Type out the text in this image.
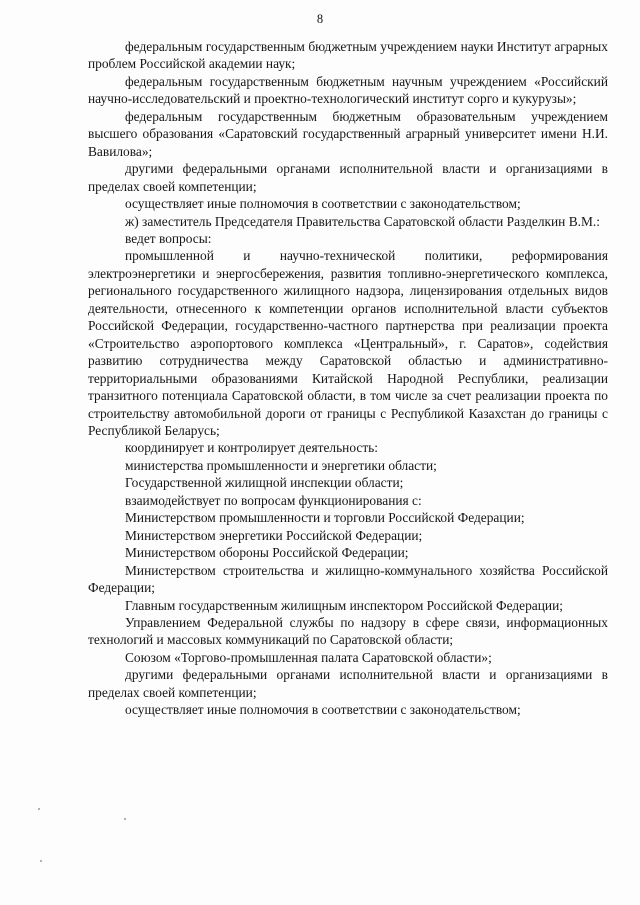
8

федеральным государственным бюджетным учреждением науки Институт аграрных проблем Российской академии наук;

федеральным государственным бюджетным научным учреждением «Российский научно-исследовательский и проектно-технологический институт сорго и кукурузы»;

федеральным государственным бюджетным образовательным учреждением высшего образования «Саратовский государственный аграрный университет имени Н.И. Вавилова»;

другими федеральными органами исполнительной власти и организациями в пределах своей компетенции;

осуществляет иные полномочия в соответствии с законодательством;

ж) заместитель Председателя Правительства Саратовской области Разделкин В.М.:

ведет вопросы:

промышленной и научно-технической политики, реформирования электроэнергетики и энергосбережения, развития топливно-энергетического комплекса, регионального государственного жилищного надзора, лицензирования отдельных видов деятельности, отнесенного к компетенции органов исполнительной власти субъектов Российской Федерации, государственно-частного партнерства при реализации проекта «Строительство аэропортового комплекса «Центральный», г. Саратов», содействия развитию сотрудничества между Саратовской областью и административно-территориальными образованиями Китайской Народной Республики, реализации транзитного потенциала Саратовской области, в том числе за счет реализации проекта по строительству автомобильной дороги от границы с Республикой Казахстан до границы с Республикой Беларусь;

координирует и контролирует деятельность:

министерства промышленности и энергетики области;

Государственной жилищной инспекции области;

взаимодействует по вопросам функционирования с:

Министерством промышленности и торговли Российской Федерации;

Министерством энергетики Российской Федерации;

Министерством обороны Российской Федерации;

Министерством строительства и жилищно-коммунального хозяйства Российской Федерации;

Главным государственным жилищным инспектором Российской Федерации;

Управлением Федеральной службы по надзору в сфере связи, информационных технологий и массовых коммуникаций по Саратовской области;

Союзом «Торгово-промышленная палата Саратовской области»;

другими федеральными органами исполнительной власти и организациями в пределах своей компетенции;

осуществляет иные полномочия в соответствии с законодательством;
